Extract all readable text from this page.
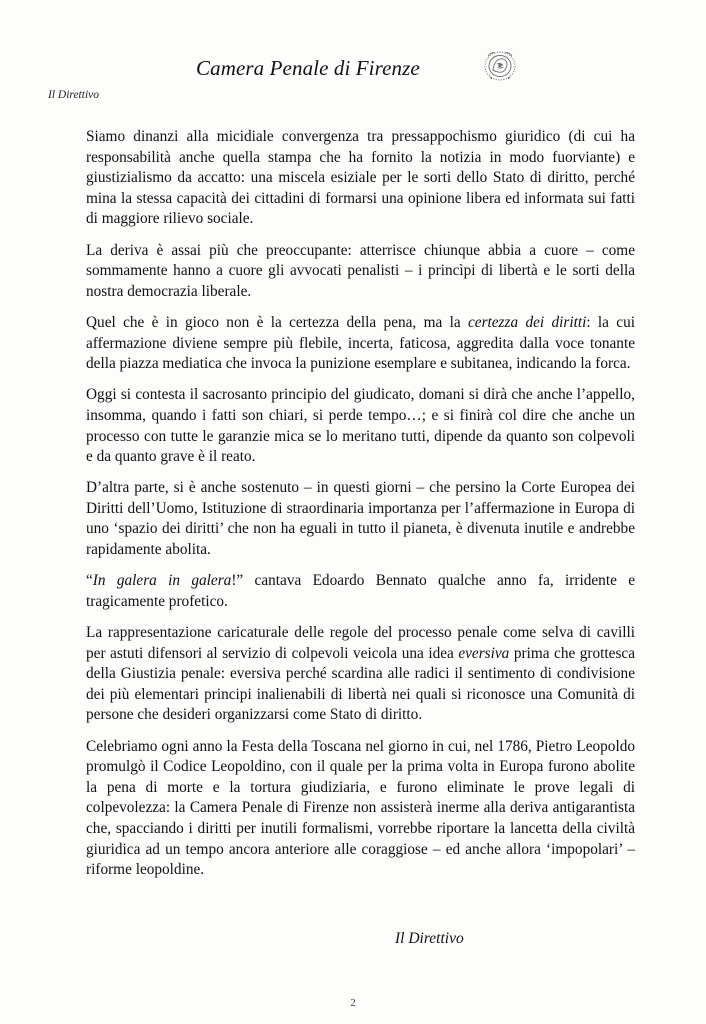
Camera Penale di Firenze
Il Direttivo

Siamo dinanzi alla micidiale convergenza tra pressappochismo giuridico (di cui ha responsabilità anche quella stampa che ha fornito la notizia in modo fuorviante) e giustizialismo da accatto: una miscela esiziale per le sorti dello Stato di diritto, perché mina la stessa capacità dei cittadini di formarsi una opinione libera ed informata sui fatti di maggiore rilievo sociale.

La deriva è assai più che preoccupante: atterrisce chiunque abbia a cuore – come sommamente hanno a cuore gli avvocati penalisti – i princìpi di libertà e le sorti della nostra democrazia liberale.

Quel che è in gioco non è la certezza della pena, ma la certezza dei diritti: la cui affermazione diviene sempre più flebile, incerta, faticosa, aggredita dalla voce tonante della piazza mediatica che invoca la punizione esemplare e subitanea, indicando la forca.

Oggi si contesta il sacrosanto principio del giudicato, domani si dirà che anche l’appello, insomma, quando i fatti son chiari, si perde tempo…; e si finirà col dire che anche un processo con tutte le garanzie mica se lo meritano tutti, dipende da quanto son colpevoli e da quanto grave è il reato.

D’altra parte, si è anche sostenuto – in questi giorni – che persino la Corte Europea dei Diritti dell’Uomo, Istituzione di straordinaria importanza per l’affermazione in Europa di uno ‘spazio dei diritti’ che non ha eguali in tutto il pianeta, è divenuta inutile e andrebbe rapidamente abolita.

“In galera in galera!” cantava Edoardo Bennato qualche anno fa, irridente e tragicamente profetico.

La rappresentazione caricaturale delle regole del processo penale come selva di cavilli per astuti difensori al servizio di colpevoli veicola una idea eversiva prima che grottesca della Giustizia penale: eversiva perché scardina alle radici il sentimento di condivisione dei più elementari principi inalienabili di libertà nei quali si riconosce una Comunità di persone che desideri organizzarsi come Stato di diritto.

Celebriamo ogni anno la Festa della Toscana nel giorno in cui, nel 1786, Pietro Leopoldo promulgò il Codice Leopoldino, con il quale per la prima volta in Europa furono abolite la pena di morte e la tortura giudiziaria, e furono eliminate le prove legali di colpevolezza: la Camera Penale di Firenze non assisterà inerme alla deriva antigarantista che, spacciando i diritti per inutili formalismi, vorrebbe riportare la lancetta della civiltà giuridica ad un tempo ancora anteriore alle coraggiose – ed anche allora ‘impopolari’ – riforme leopoldine.

Il Direttivo
2
